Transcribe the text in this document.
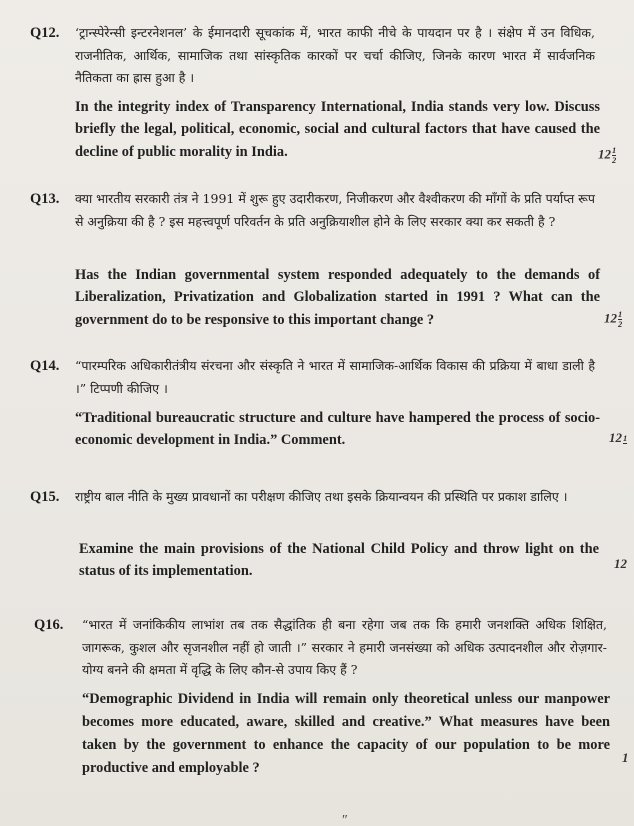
Q12. ‘ट्रान्स्पेरेन्सी इन्टरनेशनल’ के ईमानदारी सूचकांक में, भारत काफी नीचे के पायदान पर है । संक्षेप में उन विधिक, राजनीतिक, आर्थिक, सामाजिक तथा सांस्कृतिक कारकों पर चर्चा कीजिए, जिनके कारण भारत में सार्वजनिक नैतिकता का ह्रास हुआ है ।
In the integrity index of Transparency International, India stands very low. Discuss briefly the legal, political, economic, social and cultural factors that have caused the decline of public morality in India.	$12 \frac{1}{2}$
Q13. क्या भारतीय सरकारी तंत्र ने 1991 में शुरू हुए उदारीकरण, निजीकरण और वैश्वीकरण की माँगों के प्रति पर्याप्त रूप से अनुक्रिया की है ? इस महत्त्वपूर्ण परिवर्तन के प्रति अनुक्रियाशील होने के लिए सरकार क्या कर सकती है ?
Has the Indian governmental system responded adequately to the demands of Liberalization, Privatization and Globalization started in 1991 ? What can the government do to be responsive to this important change ?	$12 \frac{1}{2}$
Q14. “पारम्परिक अधिकारीतंत्रीय संरचना और संस्कृति ने भारत में सामाजिक-आर्थिक विकास की प्रक्रिया में बाधा डाली है ।” टिप्पणी कीजिए ।
“Traditional bureaucratic structure and culture have hampered the process of socio-economic development in India.” Comment.	12 1
Q15. राष्ट्रीय बाल नीति के मुख्य प्रावधानों का परीक्षण कीजिए तथा इसके क्रियान्वयन की प्रस्थिति पर प्रकाश डालिए ।
Examine the main provisions of the National Child Policy and throw light on the status of its implementation.	12
Q16. “भारत में जनांकिकीय लाभांश तब तक सैद्धांतिक ही बना रहेगा जब तक कि हमारी जनशक्ति अधिक शिक्षित, जागरूक, कुशल और सृजनशील नहीं हो जाती ।” सरकार ने हमारी जनसंख्या को अधिक उत्पादनशील और रोज़गार-योग्य बनने की क्षमता में वृद्धि के लिए कौन-से उपाय किए हैं ?
“Demographic Dividend in India will remain only theoretical unless our manpower becomes more educated, aware, skilled and creative.” What measures have been taken by the government to enhance the capacity of our population to be more productive and employable ?
1
″
